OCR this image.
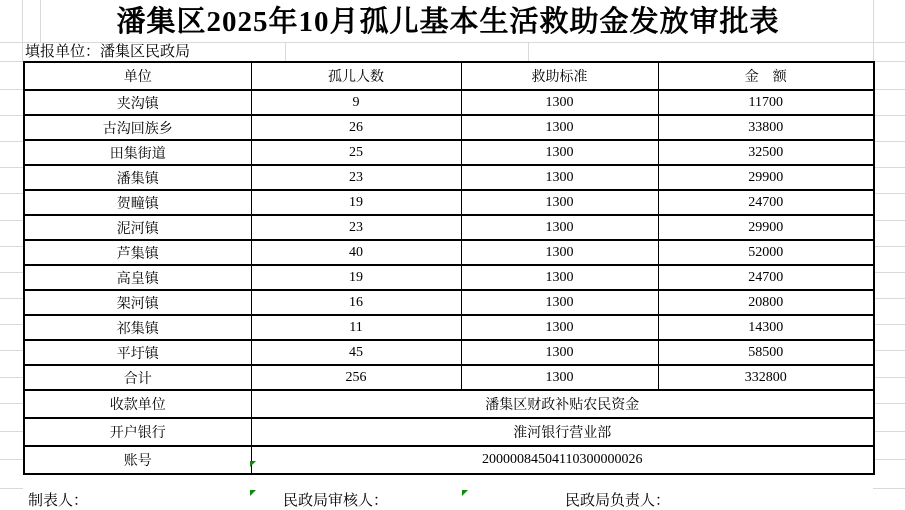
潘集区2025年10月孤儿基本生活救助金发放审批表
填报单位：潘集区民政局
单位	孤儿人数	救助标准	金　额
夹沟镇	9	1300	11700
古沟回族乡	26	1300	33800
田集街道	25	1300	32500
潘集镇	23	1300	29900
贺疃镇	19	1300	24700
泥河镇	23	1300	29900
芦集镇	40	1300	52000
高皇镇	19	1300	24700
架河镇	16	1300	20800
祁集镇	11	1300	14300
平圩镇	45	1300	58500
合计	256	1300	332800
收款单位	潘集区财政补贴农民资金		
开户银行	淮河银行营业部		
账号	20000084504110300000026		
制表人：	民政局审核人：	民政局负责人：
